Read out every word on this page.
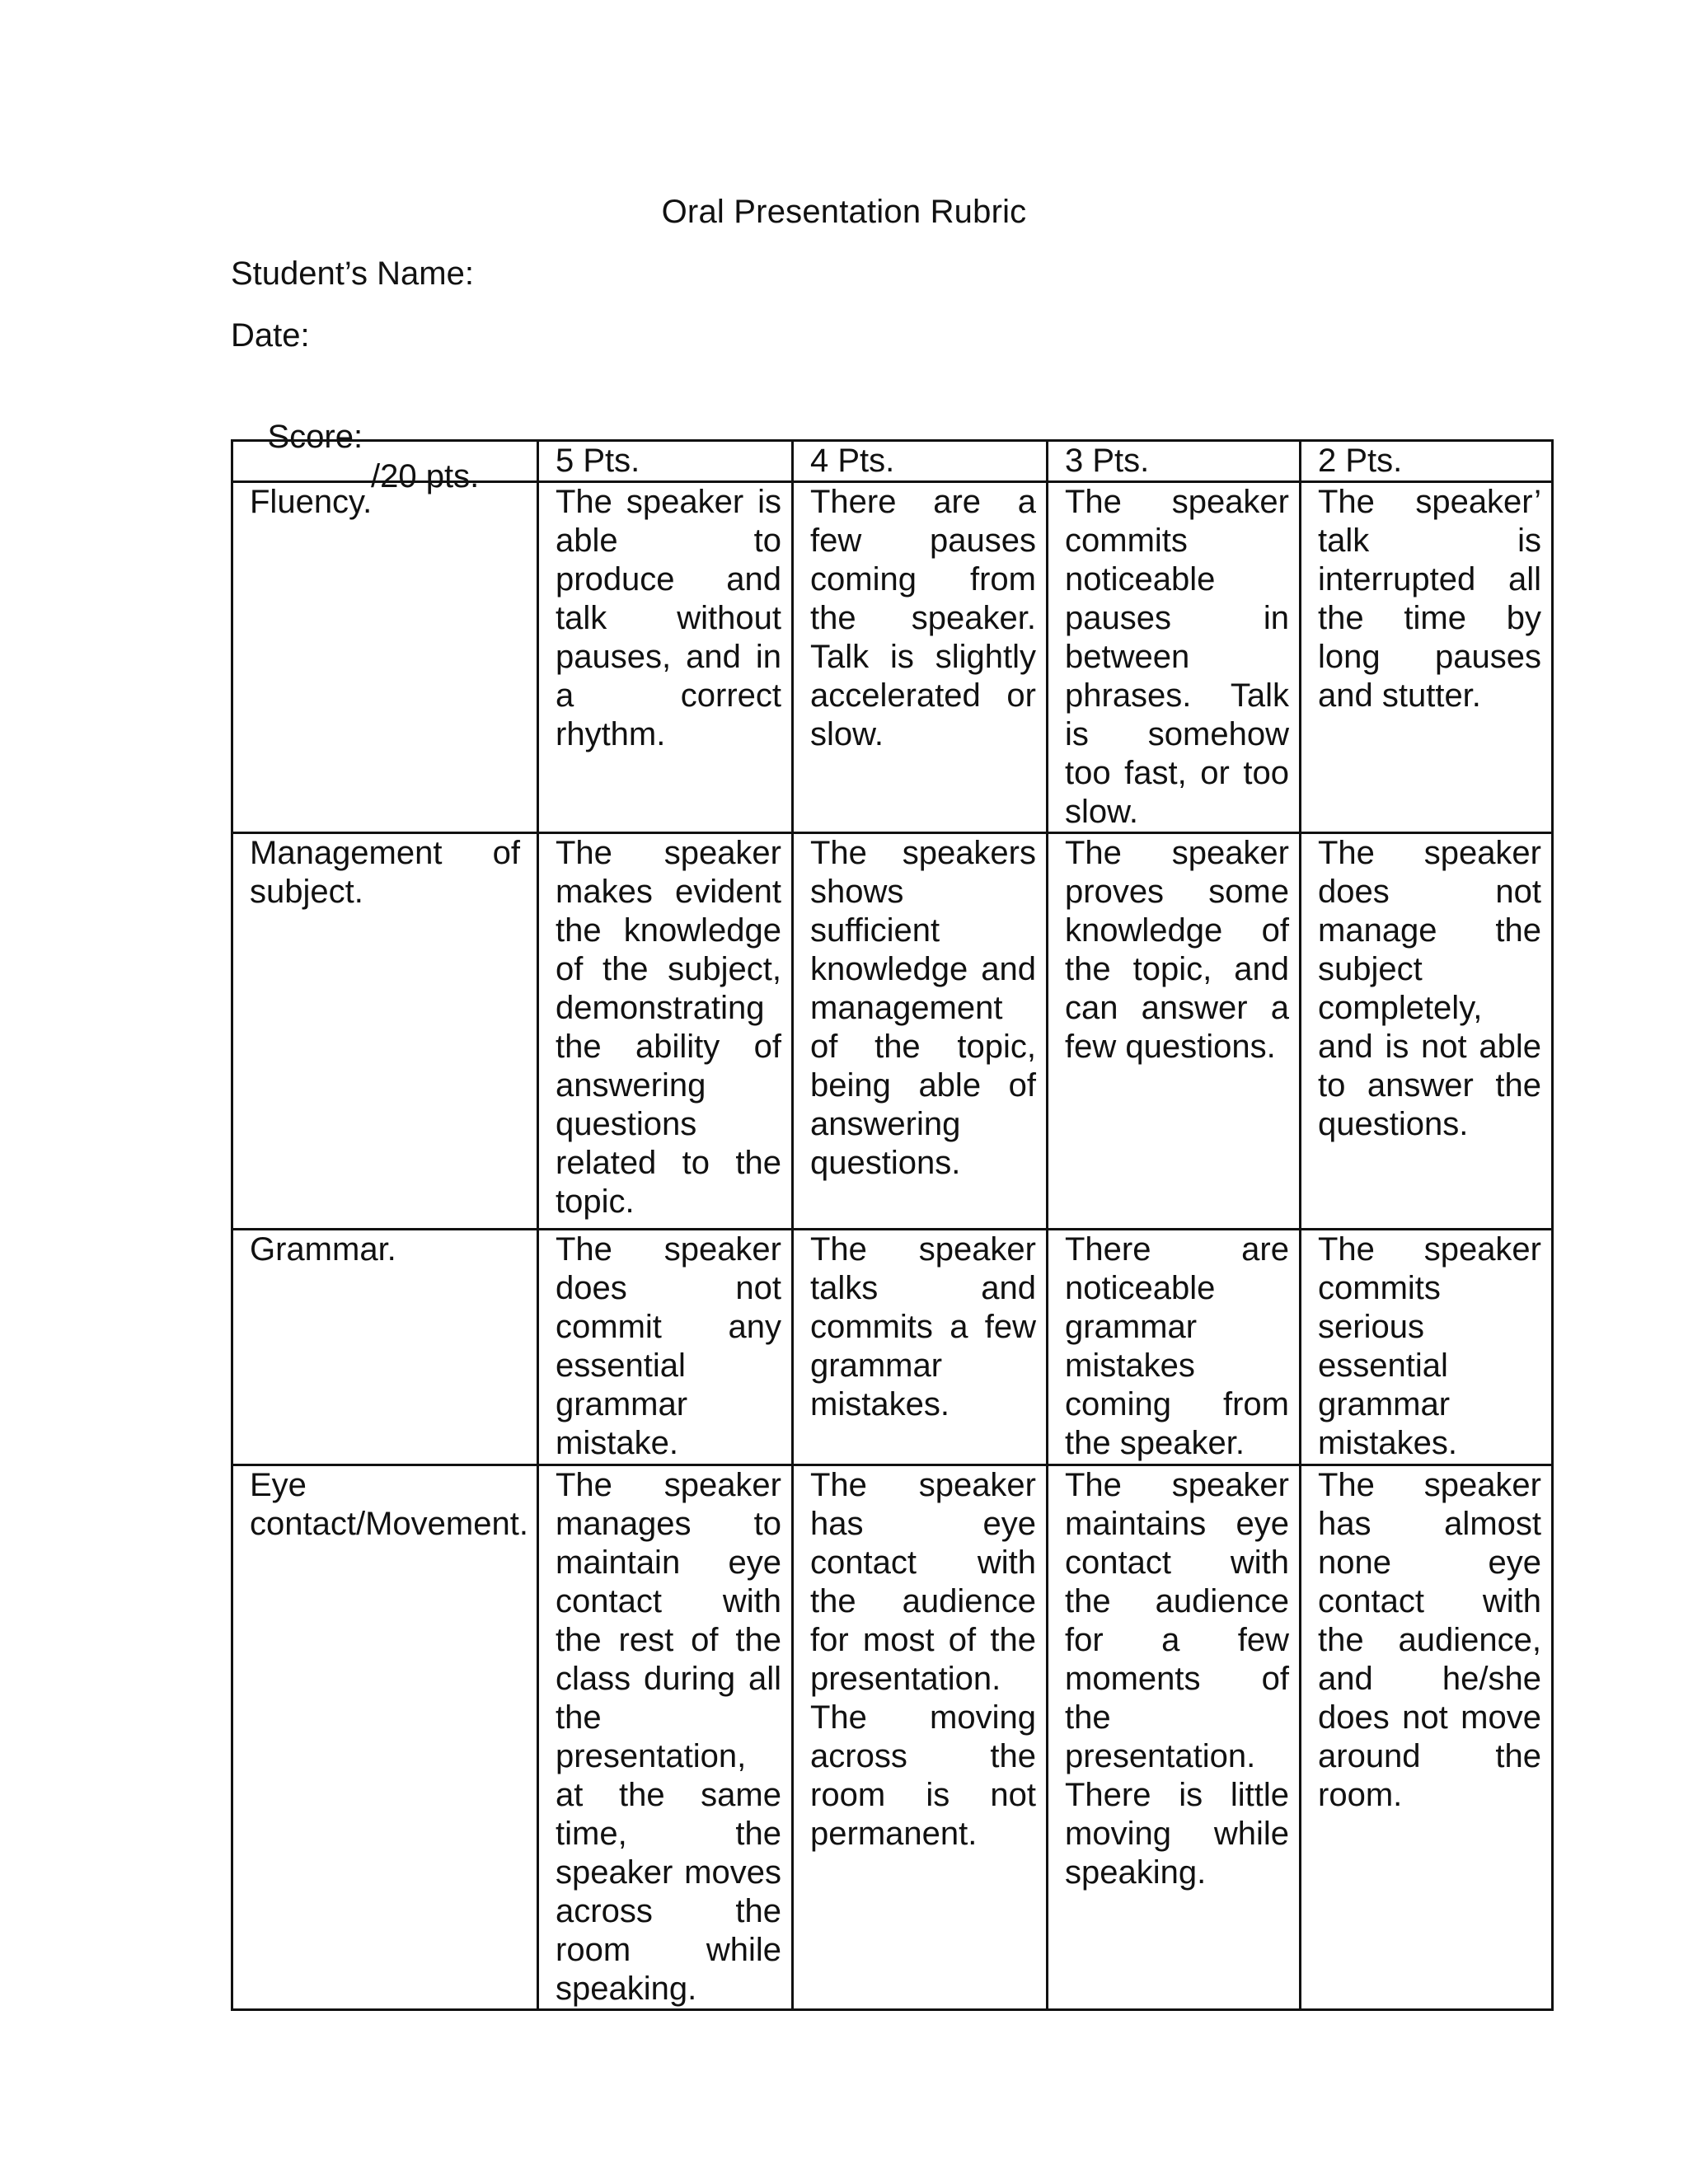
Oral Presentation Rubric
Student’s Name:
Date:

Score:

/20 pts.

	5 Pts.	4 Pts.	3 Pts.	2 Pts.
Fluency.	The speaker is able to produce and talk without pauses, and in a correct rhythm.	There are a few pauses coming from the speaker. Talk is slightly accelerated or slow.	The speaker commits noticeable pauses in between phrases. Talk is somehow too fast, or too slow.	The speaker’ talk is interrupted all the time by long pauses and stutter.
Management of subject.	The speaker makes evident the knowledge of the subject, demonstrating the ability of answering questions related to the topic.	The speakers shows sufficient knowledge and management of the topic, being able of answering questions.	The speaker proves some knowledge of the topic, and can answer a few questions.	The speaker does not manage the subject completely, and is not able to answer the questions.
Grammar.	The speaker does not commit any essential grammar mistake.	The speaker talks and commits a few grammar mistakes.	There are noticeable grammar mistakes coming from the speaker.	The speaker commits serious essential grammar mistakes.
Eye contact/Movement.	The speaker manages to maintain eye contact with the rest of the class during all the presentation, at the same time, the speaker moves across the room while speaking.	The speaker has eye contact with the audience for most of the presentation. The moving across the room is not permanent.	The speaker maintains eye contact with the audience for a few moments of the presentation. There is little moving while speaking.	The speaker has almost none eye contact with the audience, and he/she does not move around the room.
